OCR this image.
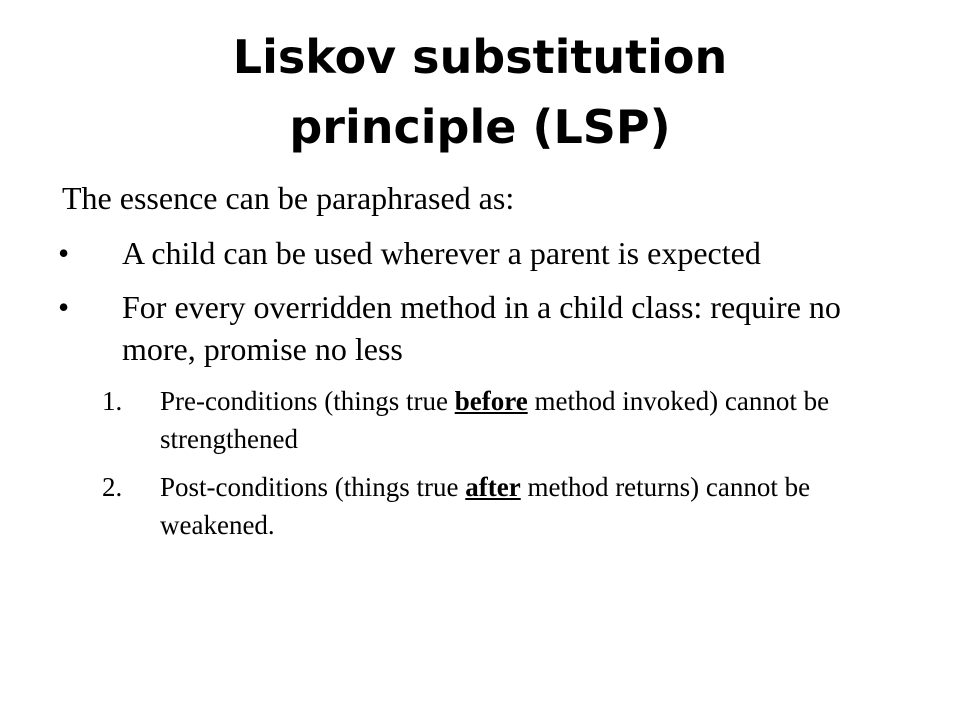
Liskov substitution
principle (LSP)

The essence can be paraphrased as:

• A child can be used wherever a parent is expected
• For every overridden method in a child class: require no more, promise no less
1. Pre-conditions (things true before method invoked) cannot be strengthened
2. Post-conditions (things true after method returns) cannot be weakened.
